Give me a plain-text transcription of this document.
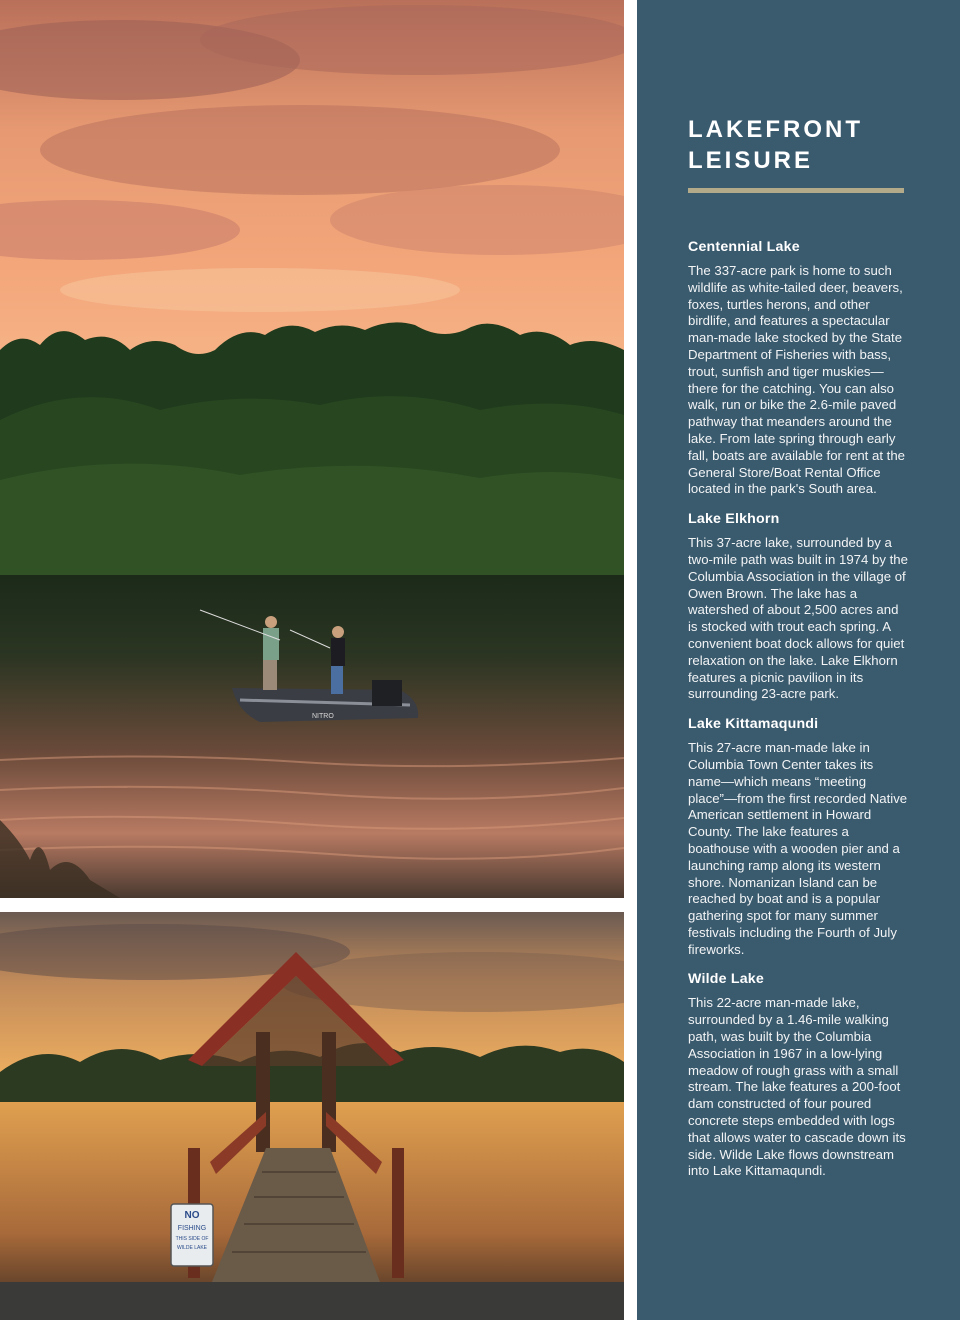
NITRO
NO
FISHING
THIS SIDE OF
WILDE LAKE
LAKEFRONT
LEISURE
Centennial Lake

The 337-acre park is home to such wildlife as white-tailed deer, beavers, foxes, turtles herons, and other birdlife, and features a spectacular man-made lake stocked by the State Department of Fisheries with bass, trout, sunfish and tiger muskies—there for the catching. You can also walk, run or bike the 2.6-mile paved pathway that meanders around the lake. From late spring through early fall, boats are available for rent at the General Store/Boat Rental Office located in the park's South area.

Lake Elkhorn

This 37-acre lake, surrounded by a two-mile path was built in 1974 by the Columbia Association in the village of Owen Brown. The lake has a watershed of about 2,500 acres and is stocked with trout each spring. A convenient boat dock allows for quiet relaxation on the lake. Lake Elkhorn features a picnic pavilion in its surrounding 23-acre park.

Lake Kittamaqundi

This 27-acre man-made lake in Columbia Town Center takes its name—which means “meeting place”—from the first recorded Native American settlement in Howard County. The lake features a boathouse with a wooden pier and a launching ramp along its western shore. Nomanizan Island can be reached by boat and is a popular gathering spot for many summer festivals including the Fourth of July fireworks.

Wilde Lake

This 22-acre man-made lake, surrounded by a 1.46-mile walking path, was built by the Columbia Association in 1967 in a low-lying meadow of rough grass with a small stream. The lake features a 200-foot dam constructed of four poured concrete steps embedded with logs that allows water to cascade down its side. Wilde Lake flows downstream into Lake Kittamaqundi.
